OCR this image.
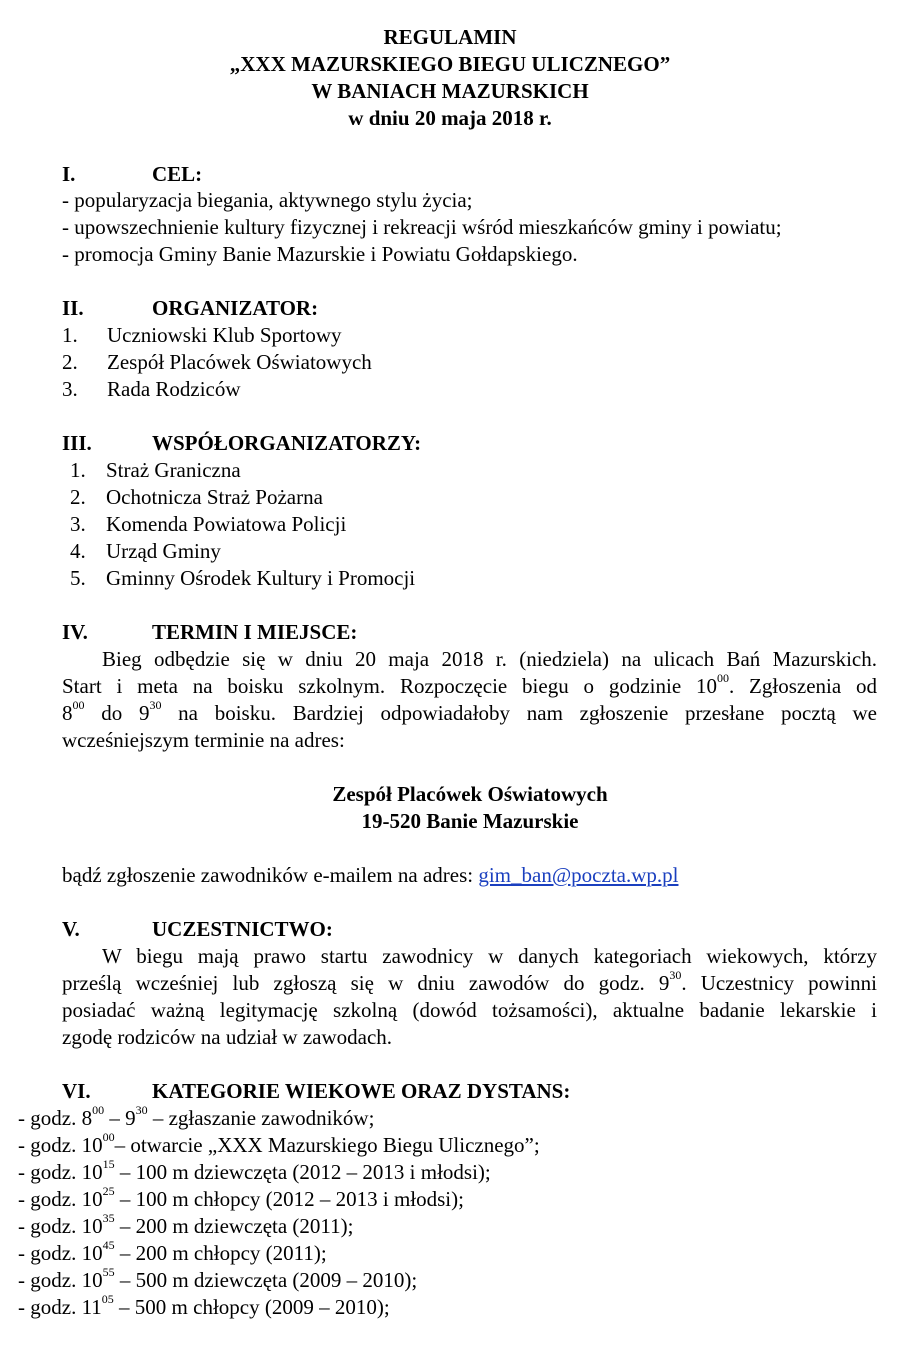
REGULAMIN
„XXX MAZURSKIEGO BIEGU ULICZNEGO”
W BANIACH MAZURSKICH
w dniu 20 maja 2018 r.
I.	CEL:
- popularyzacja biegania, aktywnego stylu życia;
- upowszechnienie kultury fizycznej i rekreacji wśród mieszkańców gminy i powiatu;
- promocja Gminy Banie Mazurskie i Powiatu Gołdapskiego.
II.	ORGANIZATOR:
1. Uczniowski Klub Sportowy
2. Zespół Placówek Oświatowych
3. Rada Rodziców
III.	WSPÓŁORGANIZATORZY:
1. Straż Graniczna
2. Ochotnicza Straż Pożarna
3. Komenda Powiatowa Policji
4. Urząd Gminy
5. Gminny Ośrodek Kultury i Promocji
IV.	TERMIN I MIEJSCE:
Bieg odbędzie się w dniu 20 maja 2018 r. (niedziela) na ulicach Bań Mazurskich.
Start i meta na boisku szkolnym. Rozpoczęcie biegu o godzinie $10^{00}$. Zgłoszenia od
$8^{00}$ do $9^{30}$ na boisku. Bardziej odpowiadałoby nam zgłoszenie przesłane pocztą we
wcześniejszym terminie na adres:
Zespół Placówek Oświatowych
19-520 Banie Mazurskie
bądź zgłoszenie zawodników e-mailem na adres: gim_ban@poczta.wp.pl
V.	UCZESTNICTWO:
W biegu mają prawo startu zawodnicy w danych kategoriach wiekowych, którzy
prześlą wcześniej lub zgłoszą się w dniu zawodów do godz. $9^{30}$. Uczestnicy powinni
posiadać ważną legitymację szkolną (dowód tożsamości), aktualne badanie lekarskie i
zgodę rodziców na udział w zawodach.
VI.	KATEGORIE WIEKOWE ORAZ DYSTANS:
- godz. $8^{00} - 9^{30}$ – zgłaszanie zawodników;
- godz. $10^{00}-$ otwarcie „XXX Mazurskiego Biegu Ulicznego”;
- godz. $10^{15} - 100$ m dziewczęta (2012 – 2013 i młodsi);
- godz. $10^{25} - 100$ m chłopcy (2012 – 2013 i młodsi);
- godz. $10^{35} - 200$ m dziewczęta (2011);
- godz. $10^{45} - 200$ m chłopcy (2011);
- godz. $10^{55} - 500$ m dziewczęta (2009 – 2010);
- godz. $11^{05} - 500$ m chłopcy (2009 – 2010);
